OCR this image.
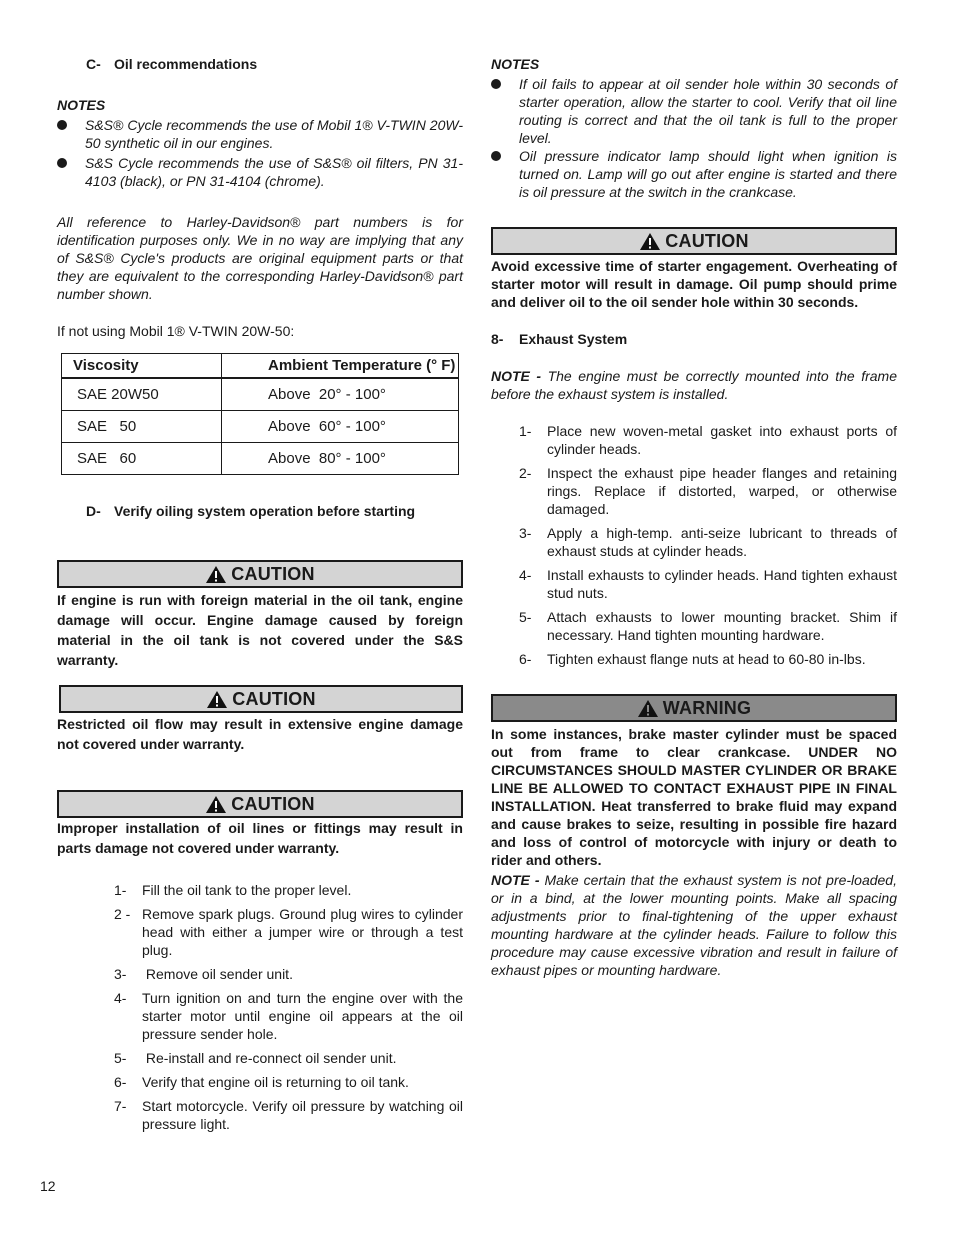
C- Oil recommendations
NOTES
S&S® Cycle recommends the use of Mobil 1® V-TWIN 20W-50 synthetic oil in our engines.
S&S Cycle recommends the use of S&S® oil filters, PN 31-4103 (black), or PN 31-4104 (chrome).
All reference to Harley-Davidson® part numbers is for identification purposes only. We in no way are implying that any of S&S® Cycle's products are original equipment parts or that they are equivalent to the corresponding Harley-Davidson® part number shown.
If not using Mobil 1® V-TWIN 20W-50:
Viscosity	Ambient Temperature (° F)
SAE 20W50	Above  20° - 100°
SAE   50	Above  60° - 100°
SAE   60	Above  80° - 100°
D- Verify oiling system operation before starting
CAUTION
If engine is run with foreign material in the oil tank, engine damage will occur. Engine damage caused by foreign material in the oil tank is not covered under the S&S warranty.
CAUTION
Restricted oil flow may result in extensive engine damage not covered under warranty.
CAUTION
Improper installation of oil lines or fittings may result in parts damage not covered under warranty.
1- Fill the oil tank to the proper level.
2 - Remove spark plugs. Ground plug wires to cylinder head with either a jumper wire or through a test plug.
3- Remove oil sender unit.
4- Turn ignition on and turn the engine over with the starter motor until engine oil appears at the oil pressure sender hole.
5- Re-install and re-connect oil sender unit.
6- Verify that engine oil is returning to oil tank.
7- Start motorcycle. Verify oil pressure by watching oil pressure light.
12
NOTES
If oil fails to appear at oil sender hole within 30 seconds of starter operation, allow the starter to cool. Verify that oil line routing is correct and that the oil tank is full to the proper level.
Oil pressure indicator lamp should light when ignition is turned on. Lamp will go out after engine is started and there is oil pressure at the switch in the crankcase.
CAUTION
Avoid excessive time of starter engagement. Overheating of starter motor will result in damage. Oil pump should prime and deliver oil to the oil sender hole within 30 seconds.
8- Exhaust System
NOTE - The engine must be correctly mounted into the frame before the exhaust system is installed.
1- Place new woven-metal gasket into exhaust ports of cylinder heads.
2- Inspect the exhaust pipe header flanges and retaining rings. Replace if distorted, warped, or otherwise damaged.
3- Apply a high-temp. anti-seize lubricant to threads of exhaust studs at cylinder heads.
4- Install exhausts to cylinder heads. Hand tighten exhaust stud nuts.
5- Attach exhausts to lower mounting bracket. Shim if necessary. Hand tighten mounting hardware.
6- Tighten exhaust flange nuts at head to 60-80 in-lbs.
WARNING
In some instances, brake master cylinder must be spaced out from frame to clear crankcase. UNDER NO CIRCUMSTANCES SHOULD MASTER CYLINDER OR BRAKE LINE BE ALLOWED TO CONTACT EXHAUST PIPE IN FINAL INSTALLATION. Heat transferred to brake fluid may expand and cause brakes to seize, resulting in possible fire hazard and loss of control of motorcycle with injury or death to rider and others.
NOTE - Make certain that the exhaust system is not pre-loaded, or in a bind, at the lower mounting points. Make all spacing adjustments prior to final-tightening of the upper exhaust mounting hardware at the cylinder heads. Failure to follow this procedure may cause excessive vibration and result in failure of exhaust pipes or mounting hardware.
